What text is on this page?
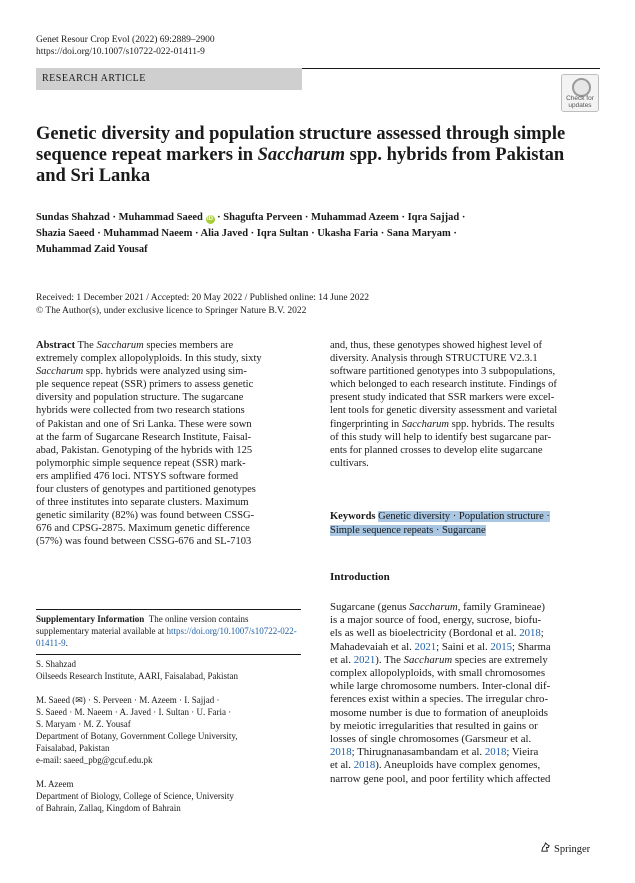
Genet Resour Crop Evol (2022) 69:2889–2900
https://doi.org/10.1007/s10722-022-01411-9
RESEARCH ARTICLE
Check for
updates
Genetic diversity and population structure assessed through simple sequence repeat markers in Saccharum spp. hybrids from Pakistan and Sri Lanka
Sundas Shahzad · Muhammad Saeed iD · Shagufta Perveen · Muhammad Azeem · Iqra Sajjad ·
Shazia Saeed · Muhammad Naeem · Alia Javed · Iqra Sultan · Ukasha Faria · Sana Maryam ·
Muhammad Zaid Yousaf
Received: 1 December 2021 / Accepted: 20 May 2022 / Published online: 14 June 2022
© The Author(s), under exclusive licence to Springer Nature B.V. 2022
Abstract The Saccharum species members are
extremely complex allopolyploids. In this study, sixty
Saccharum spp. hybrids were analyzed using sim-
ple sequence repeat (SSR) primers to assess genetic
diversity and population structure. The sugarcane
hybrids were collected from two research stations
of Pakistan and one of Sri Lanka. These were sown
at the farm of Sugarcane Research Institute, Faisal-
abad, Pakistan. Genotyping of the hybrids with 125
polymorphic simple sequence repeat (SSR) mark-
ers amplified 476 loci. NTSYS software formed
four clusters of genotypes and partitioned genotypes
of three institutes into separate clusters. Maximum
genetic similarity (82%) was found between CSSG-
676 and CPSG-2875. Maximum genetic difference
(57%) was found between CSSG-676 and SL-7103
and, thus, these genotypes showed highest level of
diversity. Analysis through STRUCTURE V2.3.1
software partitioned genotypes into 3 subpopulations,
which belonged to each research institute. Findings of
present study indicated that SSR markers were excel-
lent tools for genetic diversity assessment and varietal
fingerprinting in Saccharum spp. hybrids. The results
of this study will help to identify best sugarcane par-
ents for planned crosses to develop elite sugarcane
cultivars.
Keywords Genetic diversity · Population structure ·
Simple sequence repeats · Sugarcane
Introduction
Sugarcane (genus Saccharum, family Gramineae)
is a major source of food, energy, sucrose, biofu-
els as well as bioelectricity (Bordonal et al. 2018;
Mahadevaiah et al. 2021; Saini et al. 2015; Sharma
et al. 2021). The Saccharum species are extremely
complex allopolyploids, with small chromosomes
while large chromosome numbers. Inter-clonal dif-
ferences exist within a species. The irregular chro-
mosome number is due to formation of aneuploids
by meiotic irregularities that resulted in gains or
losses of single chromosomes (Garsmeur et al.
2018; Thirugnanasambandam et al. 2018; Vieira
et al. 2018). Aneuploids have complex genomes,
narrow gene pool, and poor fertility which affected
Supplementary Information The online version contains supplementary material available at https://doi.org/10.1007/s10722-022-01411-9.
S. Shahzad
Oilseeds Research Institute, AARI, Faisalabad, Pakistan
M. Saeed (✉) · S. Perveen · M. Azeem · I. Sajjad ·
S. Saeed · M. Naeem · A. Javed · I. Sultan · U. Faria ·
S. Maryam · M. Z. Yousaf
Department of Botany, Government College University,
Faisalabad, Pakistan
e-mail: saeed_pbg@gcuf.edu.pk
M. Azeem
Department of Biology, College of Science, University
of Bahrain, Zallaq, Kingdom of Bahrain
Springer
